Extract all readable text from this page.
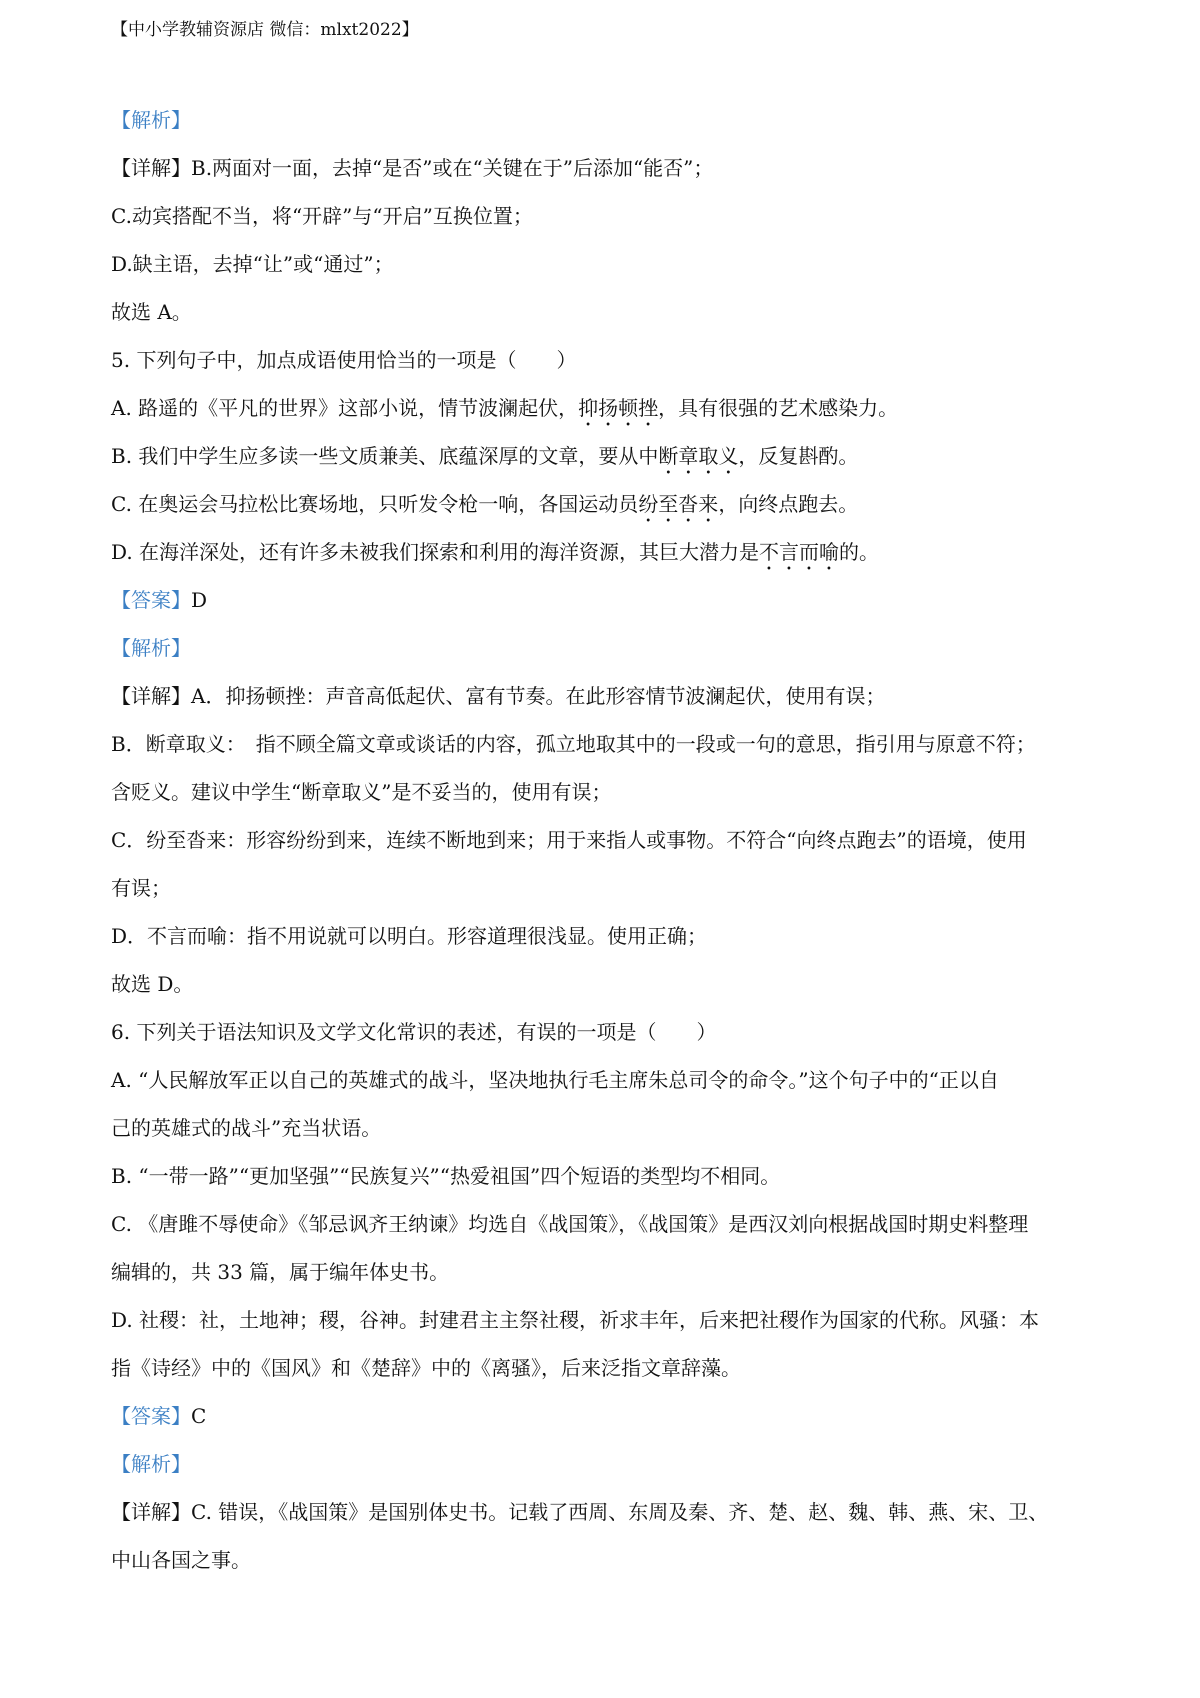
【中小学教辅资源店 微信：mlxt2022】
【解析】
【详解】B.两面对一面，去掉“是否”或在“关键在于”后添加“能否”；
C.动宾搭配不当，将“开辟”与“开启”互换位置；
D.缺主语，去掉“让”或“通过”；
故选 A。
5. 下列句子中，加点成语使用恰当的一项是（　　）
A. 路遥的《平凡的世界》这部小说，情节波澜起伏，抑扬顿挫，具有很强的艺术感染力。
B. 我们中学生应多读一些文质兼美、底蕴深厚的文章，要从中断章取义，反复斟酌。
C. 在奥运会马拉松比赛场地，只听发令枪一响，各国运动员纷至沓来，向终点跑去。
D. 在海洋深处，还有许多未被我们探索和利用的海洋资源，其巨大潜力是不言而喻的。
【答案】D
【解析】
【详解】A．抑扬顿挫：声音高低起伏、富有节奏。在此形容情节波澜起伏，使用有误；
B．断章取义：　指不顾全篇文章或谈话的内容，孤立地取其中的一段或一句的意思，指引用与原意不符；
含贬义。建议中学生“断章取义”是不妥当的，使用有误；
C．纷至沓来：形容纷纷到来，连续不断地到来；用于来指人或事物。不符合“向终点跑去”的语境，使用
有误；
D．不言而喻：指不用说就可以明白。形容道理很浅显。使用正确；
故选 D。
6. 下列关于语法知识及文学文化常识的表述，有误的一项是（　　）
A. “人民解放军正以自己的英雄式的战斗，坚决地执行毛主席朱总司令的命令。”这个句子中的“正以自
己的英雄式的战斗”充当状语。
B. “一带一路”“更加坚强”“民族复兴”“热爱祖国”四个短语的类型均不相同。
C. 《唐雎不辱使命》《邹忌讽齐王纳谏》均选自《战国策》，《战国策》是西汉刘向根据战国时期史料整理
编辑的，共 33 篇，属于编年体史书。
D. 社稷：社，土地神；稷，谷神。封建君主主祭社稷，祈求丰年，后来把社稷作为国家的代称。风骚：本
指《诗经》中的《国风》和《楚辞》中的《离骚》，后来泛指文章辞藻。
【答案】C
【解析】
【详解】C. 错误，《战国策》是国别体史书。记载了西周、东周及秦、齐、楚、赵、魏、韩、燕、宋、卫、
中山各国之事。
